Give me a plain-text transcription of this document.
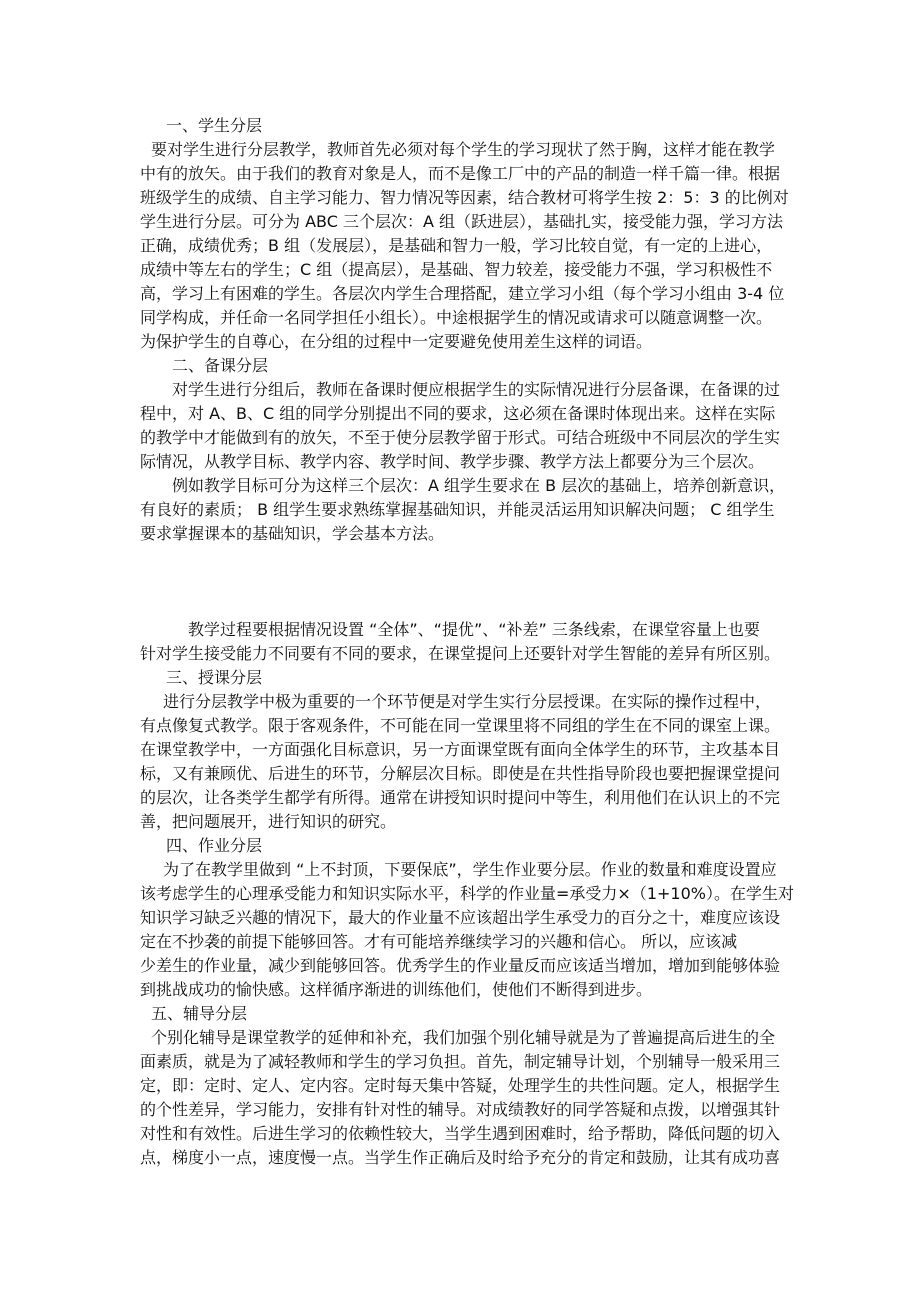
一、学生分层
要对学生进行分层教学，教师首先必须对每个学生的学习现状了然于胸，这样才能在教学
中有的放矢。由于我们的教育对象是人，而不是像工厂中的产品的制造一样千篇一律。根据
班级学生的成绩、自主学习能力、智力情况等因素，结合教材可将学生按 2：5：3 的比例对
学生进行分层。可分为 ABC 三个层次：A 组（跃进层），基础扎实，接受能力强，学习方法
正确，成绩优秀；B 组（发展层），是基础和智力一般，学习比较自觉，有一定的上进心，
成绩中等左右的学生；C 组（提高层），是基础、智力较差，接受能力不强，学习积极性不
高，学习上有困难的学生。各层次内学生合理搭配，建立学习小组（每个学习小组由 3-4 位
同学构成，并任命一名同学担任小组长）。中途根据学生的情况或请求可以随意调整一次。
为保护学生的自尊心，在分组的过程中一定要避免使用差生这样的词语。
二、备课分层
对学生进行分组后，教师在备课时便应根据学生的实际情况进行分层备课，在备课的过
程中，对 A、B、C 组的同学分别提出不同的要求，这必须在备课时体现出来。这样在实际
的教学中才能做到有的放矢，不至于使分层教学留于形式。可结合班级中不同层次的学生实
际情况，从教学目标、教学内容、教学时间、教学步骤、教学方法上都要分为三个层次。
例如教学目标可分为这样三个层次：A 组学生要求在 B 层次的基础上，培养创新意识，
有良好的素质； B 组学生要求熟练掌握基础知识，并能灵活运用知识解决问题； C 组学生
要求掌握课本的基础知识，学会基本方法。
教学过程要根据情况设置 “全体”、“提优”、“补差” 三条线索，在课堂容量上也要
针对学生接受能力不同要有不同的要求，在课堂提问上还要针对学生智能的差异有所区别。
三、授课分层
进行分层教学中极为重要的一个环节便是对学生实行分层授课。在实际的操作过程中，
有点像复式教学。限于客观条件，不可能在同一堂课里将不同组的学生在不同的课室上课。
在课堂教学中，一方面强化目标意识，另一方面课堂既有面向全体学生的环节，主攻基本目
标，又有兼顾优、后进生的环节，分解层次目标。即使是在共性指导阶段也要把握课堂提问
的层次，让各类学生都学有所得。通常在讲授知识时提问中等生，利用他们在认识上的不完
善，把问题展开，进行知识的研究。
四、作业分层
为了在教学里做到 “上不封顶，下要保底”，学生作业要分层。作业的数量和难度设置应
该考虑学生的心理承受能力和知识实际水平，科学的作业量=承受力×（1+10%）。在学生对
知识学习缺乏兴趣的情况下，最大的作业量不应该超出学生承受力的百分之十，难度应该设
定在不抄袭的前提下能够回答。才有可能培养继续学习的兴趣和信心。 所以，应该减
少差生的作业量，减少到能够回答。优秀学生的作业量反而应该适当增加，增加到能够体验
到挑战成功的愉快感。这样循序渐进的训练他们，使他们不断得到进步。
五、辅导分层
个别化辅导是课堂教学的延伸和补充，我们加强个别化辅导就是为了普遍提高后进生的全
面素质，就是为了减轻教师和学生的学习负担。首先，制定辅导计划，个别辅导一般采用三
定，即：定时、定人、定内容。定时每天集中答疑，处理学生的共性问题。定人，根据学生
的个性差异，学习能力，安排有针对性的辅导。对成绩教好的同学答疑和点拨，以增强其针
对性和有效性。后进生学习的依赖性较大，当学生遇到困难时，给予帮助，降低问题的切入
点，梯度小一点，速度慢一点。当学生作正确后及时给予充分的肯定和鼓励，让其有成功喜
